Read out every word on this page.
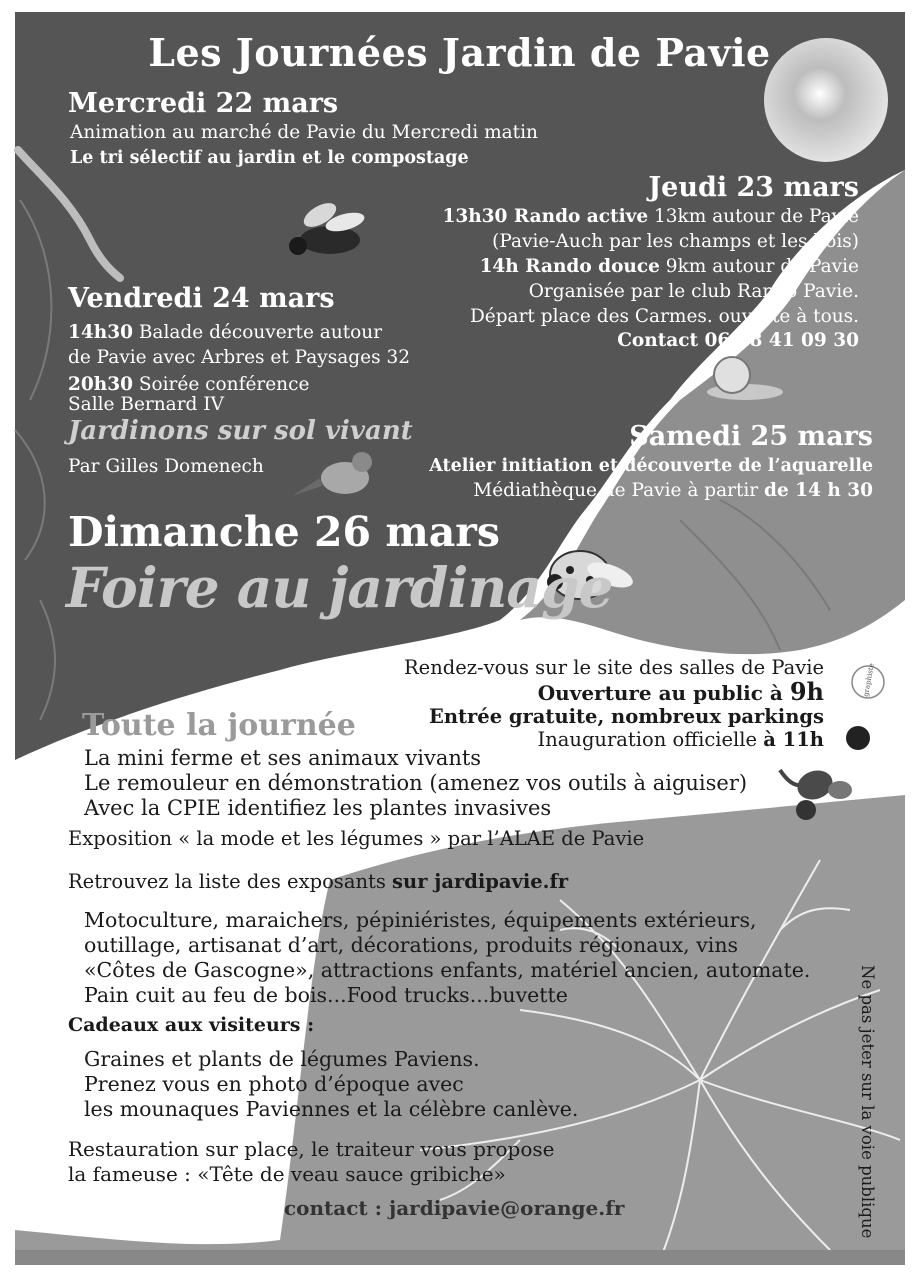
Les Journées Jardin de Pavie
Mercredi 22 mars
Animation au marché de Pavie du Mercredi matin
Le tri sélectif au jardin et le compostage
Jeudi 23 mars
13h30 Rando active 13km autour de Pavie
(Pavie-Auch par les champs et les bois)
14h Rando douce 9km autour de Pavie
Organisée par le club Rando Pavie.
Départ place des Carmes. ouverte à tous.
Contact 06 18 41 09 30
Vendredi 24 mars
14h30 Balade découverte autour
de Pavie avec Arbres et Paysages 32
20h30 Soirée conférence
Salle Bernard IV
Jardinons sur sol vivant
Par Gilles Domenech
Samedi 25 mars
Atelier initiation et découverte de l’aquarelle
Médiathèque de Pavie à partir de 14 h 30
Dimanche 26 mars
Foire au jardinage
Rendez-vous sur le site des salles de Pavie
Ouverture au public à 9h
Entrée gratuite, nombreux parkings
Inauguration officielle à 11h
Toute la journée
La mini ferme et ses animaux vivants
Le remouleur en démonstration (amenez vos outils à aiguiser)
Avec la CPIE identifiez les plantes invasives
Exposition « la mode et les légumes » par l’ALAE de Pavie
Retrouvez la liste des exposants sur jardipavie.fr
Motoculture, maraichers, pépiniéristes, équipements extérieurs,
outillage, artisanat d’art, décorations, produits régionaux, vins
«Côtes de Gascogne», attractions enfants, matériel ancien, automate.
Pain cuit au feu de bois...Food trucks...buvette
Cadeaux aux visiteurs :
Graines et plants de légumes Paviens.
Prenez vous en photo d’époque avec
les mounaques Paviennes et la célèbre canlève.
Restauration sur place, le traiteur vous propose
la fameuse : «Tête de veau sauce gribiche»
contact : jardipavie@orange.fr	Ne pas jeter sur la voie publique
graphiste
